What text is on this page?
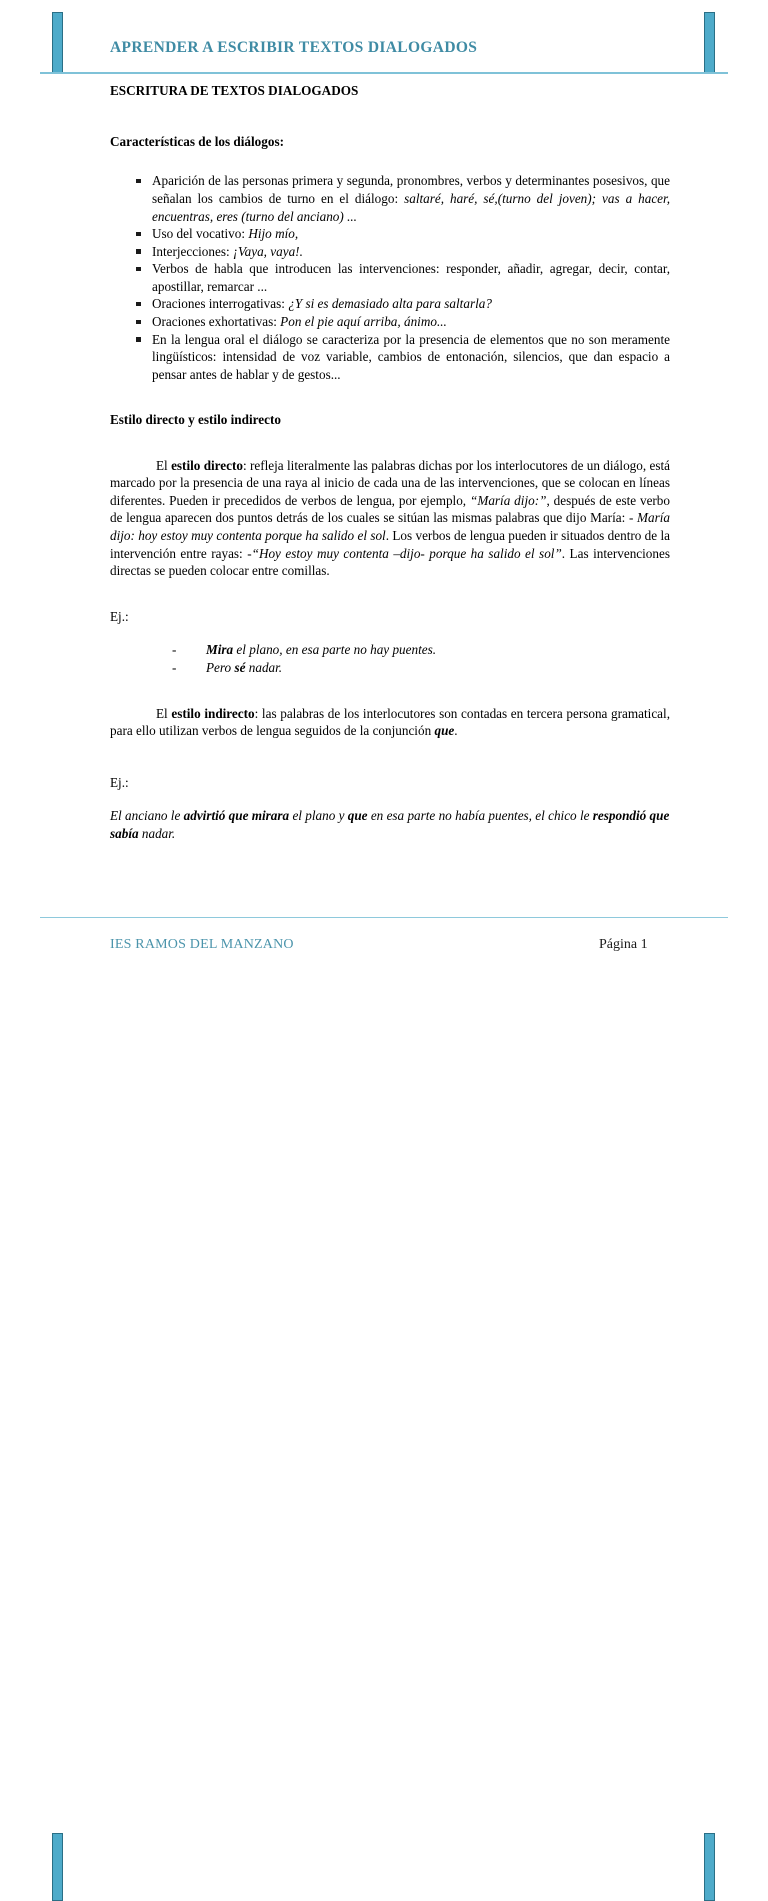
APRENDER A ESCRIBIR TEXTOS DIALOGADOS
ESCRITURA DE TEXTOS DIALOGADOS
Características de los diálogos:
Aparición de las personas primera y segunda, pronombres, verbos y determinantes posesivos, que señalan los cambios de turno en el diálogo: saltaré, haré, sé,(turno del joven); vas a hacer, encuentras, eres (turno del anciano) ...
Uso del vocativo: Hijo mío,
Interjecciones: ¡Vaya, vaya!.
Verbos de habla que introducen las intervenciones: responder, añadir, agregar, decir, contar, apostillar, remarcar ...
Oraciones interrogativas: ¿Y si es demasiado alta para saltarla?
Oraciones exhortativas: Pon el pie aquí arriba, ánimo...
En la lengua oral el diálogo se caracteriza por la presencia de elementos que no son meramente lingüísticos: intensidad de voz variable, cambios de entonación, silencios, que dan espacio a pensar antes de hablar y de gestos...
Estilo directo y estilo indirecto

El estilo directo: refleja literalmente las palabras dichas por los interlocutores de un diálogo, está marcado por la presencia de una raya al inicio de cada una de las intervenciones, que se colocan en líneas diferentes. Pueden ir precedidos de verbos de lengua, por ejemplo, “María dijo:”, después de este verbo de lengua aparecen dos puntos detrás de los cuales se sitúan las mismas palabras que dijo María: - María dijo: hoy estoy muy contenta porque ha salido el sol. Los verbos de lengua pueden ir situados dentro de la intervención entre rayas: -“Hoy estoy muy contenta –dijo- porque ha salido el sol”. Las intervenciones directas se pueden colocar entre comillas.

Ej.:

- Mira el plano, en esa parte no hay puentes.
- Pero sé nadar.

El estilo indirecto: las palabras de los interlocutores son contadas en tercera persona gramatical, para ello utilizan verbos de lengua seguidos de la conjunción que.

Ej.:

El anciano le advirtió que mirara el plano y que en esa parte no había puentes, el chico le respondió que sabía nadar.

IES RAMOS DEL MANZANO	Página 1
